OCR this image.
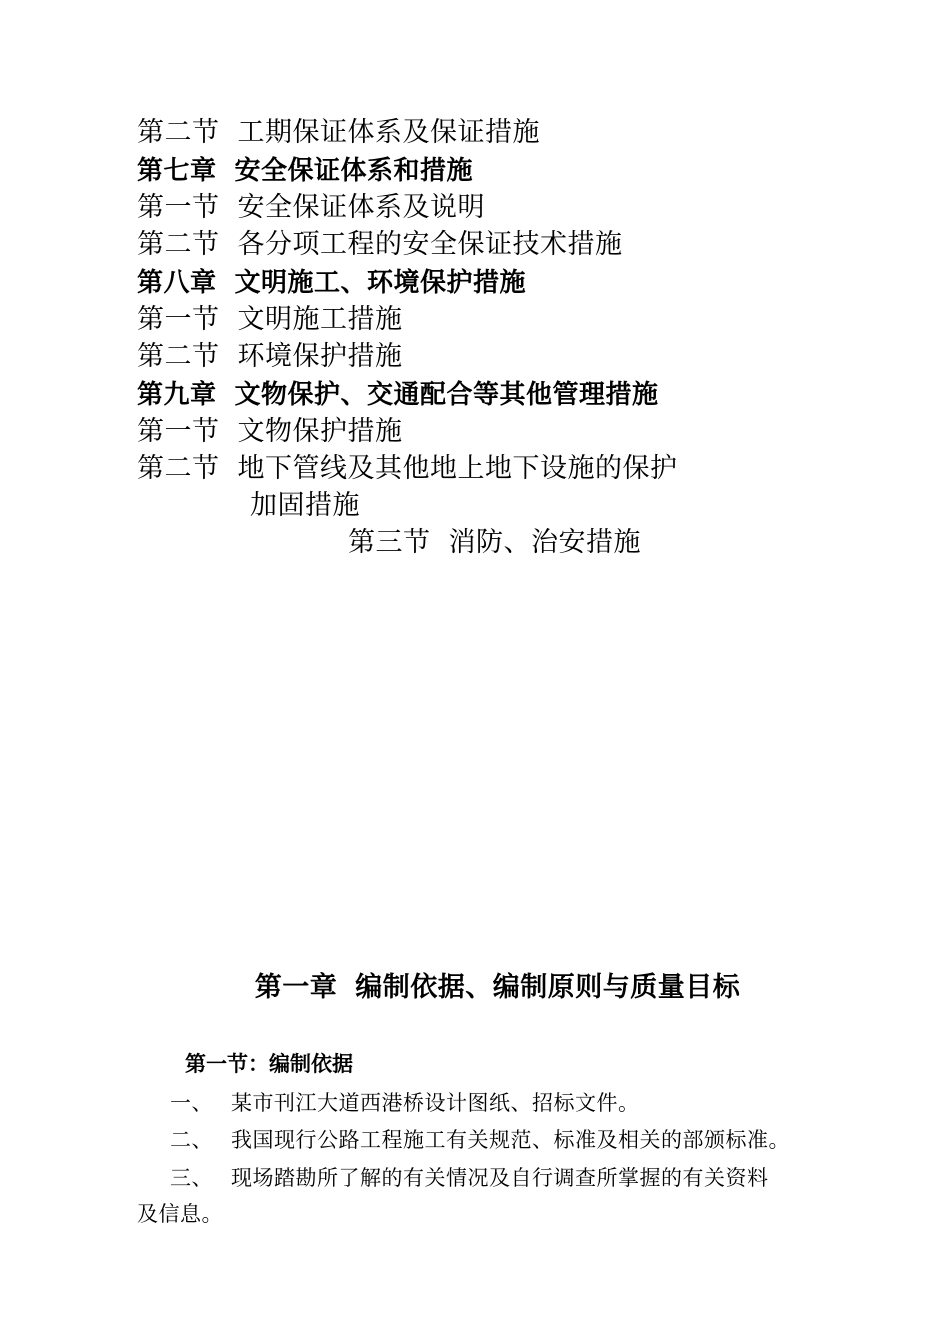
第二节 工期保证体系及保证措施
第七章 安全保证体系和措施
第一节 安全保证体系及说明
第二节 各分项工程的安全保证技术措施
第八章 文明施工、环境保护措施
第一节 文明施工措施
第二节 环境保护措施
第九章 文物保护、交通配合等其他管理措施
第一节 文物保护措施
第二节 地下管线及其他地上地下设施的保护
加固措施
第三节 消防、治安措施
第一章 编制依据、编制原则与质量目标
第一节：编制依据
一、 某市刊江大道西港桥设计图纸、招标文件。
二、 我国现行公路工程施工有关规范、标准及相关的部颁标准。
三、 现场踏勘所了解的有关情况及自行调查所掌握的有关资料
及信息。
